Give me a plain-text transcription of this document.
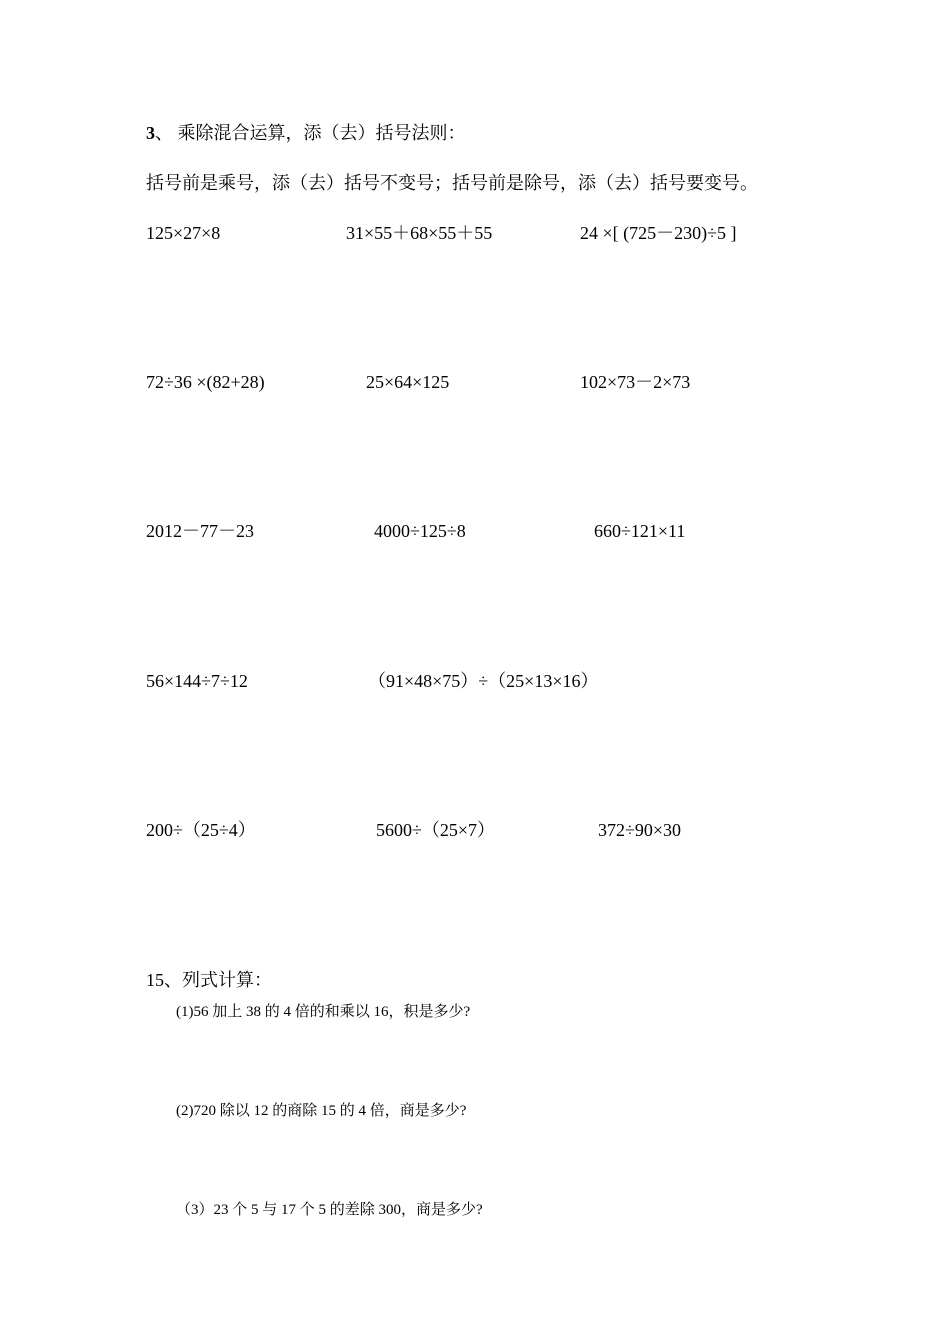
3、 乘除混合运算，添（去）括号法则：
括号前是乘号，添（去）括号不变号；括号前是除号，添（去）括号要变号。
125×27×8	31×55＋68×55＋55	24 ×[ (725－230)÷5 ]
72÷36 ×(82+28)	25×64×125	102×73－2×73
2012－77－23	4000÷125÷8	660÷121×11
56×144÷7÷12	（91×48×75）÷（25×13×16）
200÷（25÷4）	5600÷（25×7）	372÷90×30
15、列式计算：
(1)56 加上 38 的 4 倍的和乘以 16，积是多少?
(2)720 除以 12 的商除 15 的 4 倍，商是多少?
（3）23 个 5 与 17 个 5 的差除 300，商是多少?
